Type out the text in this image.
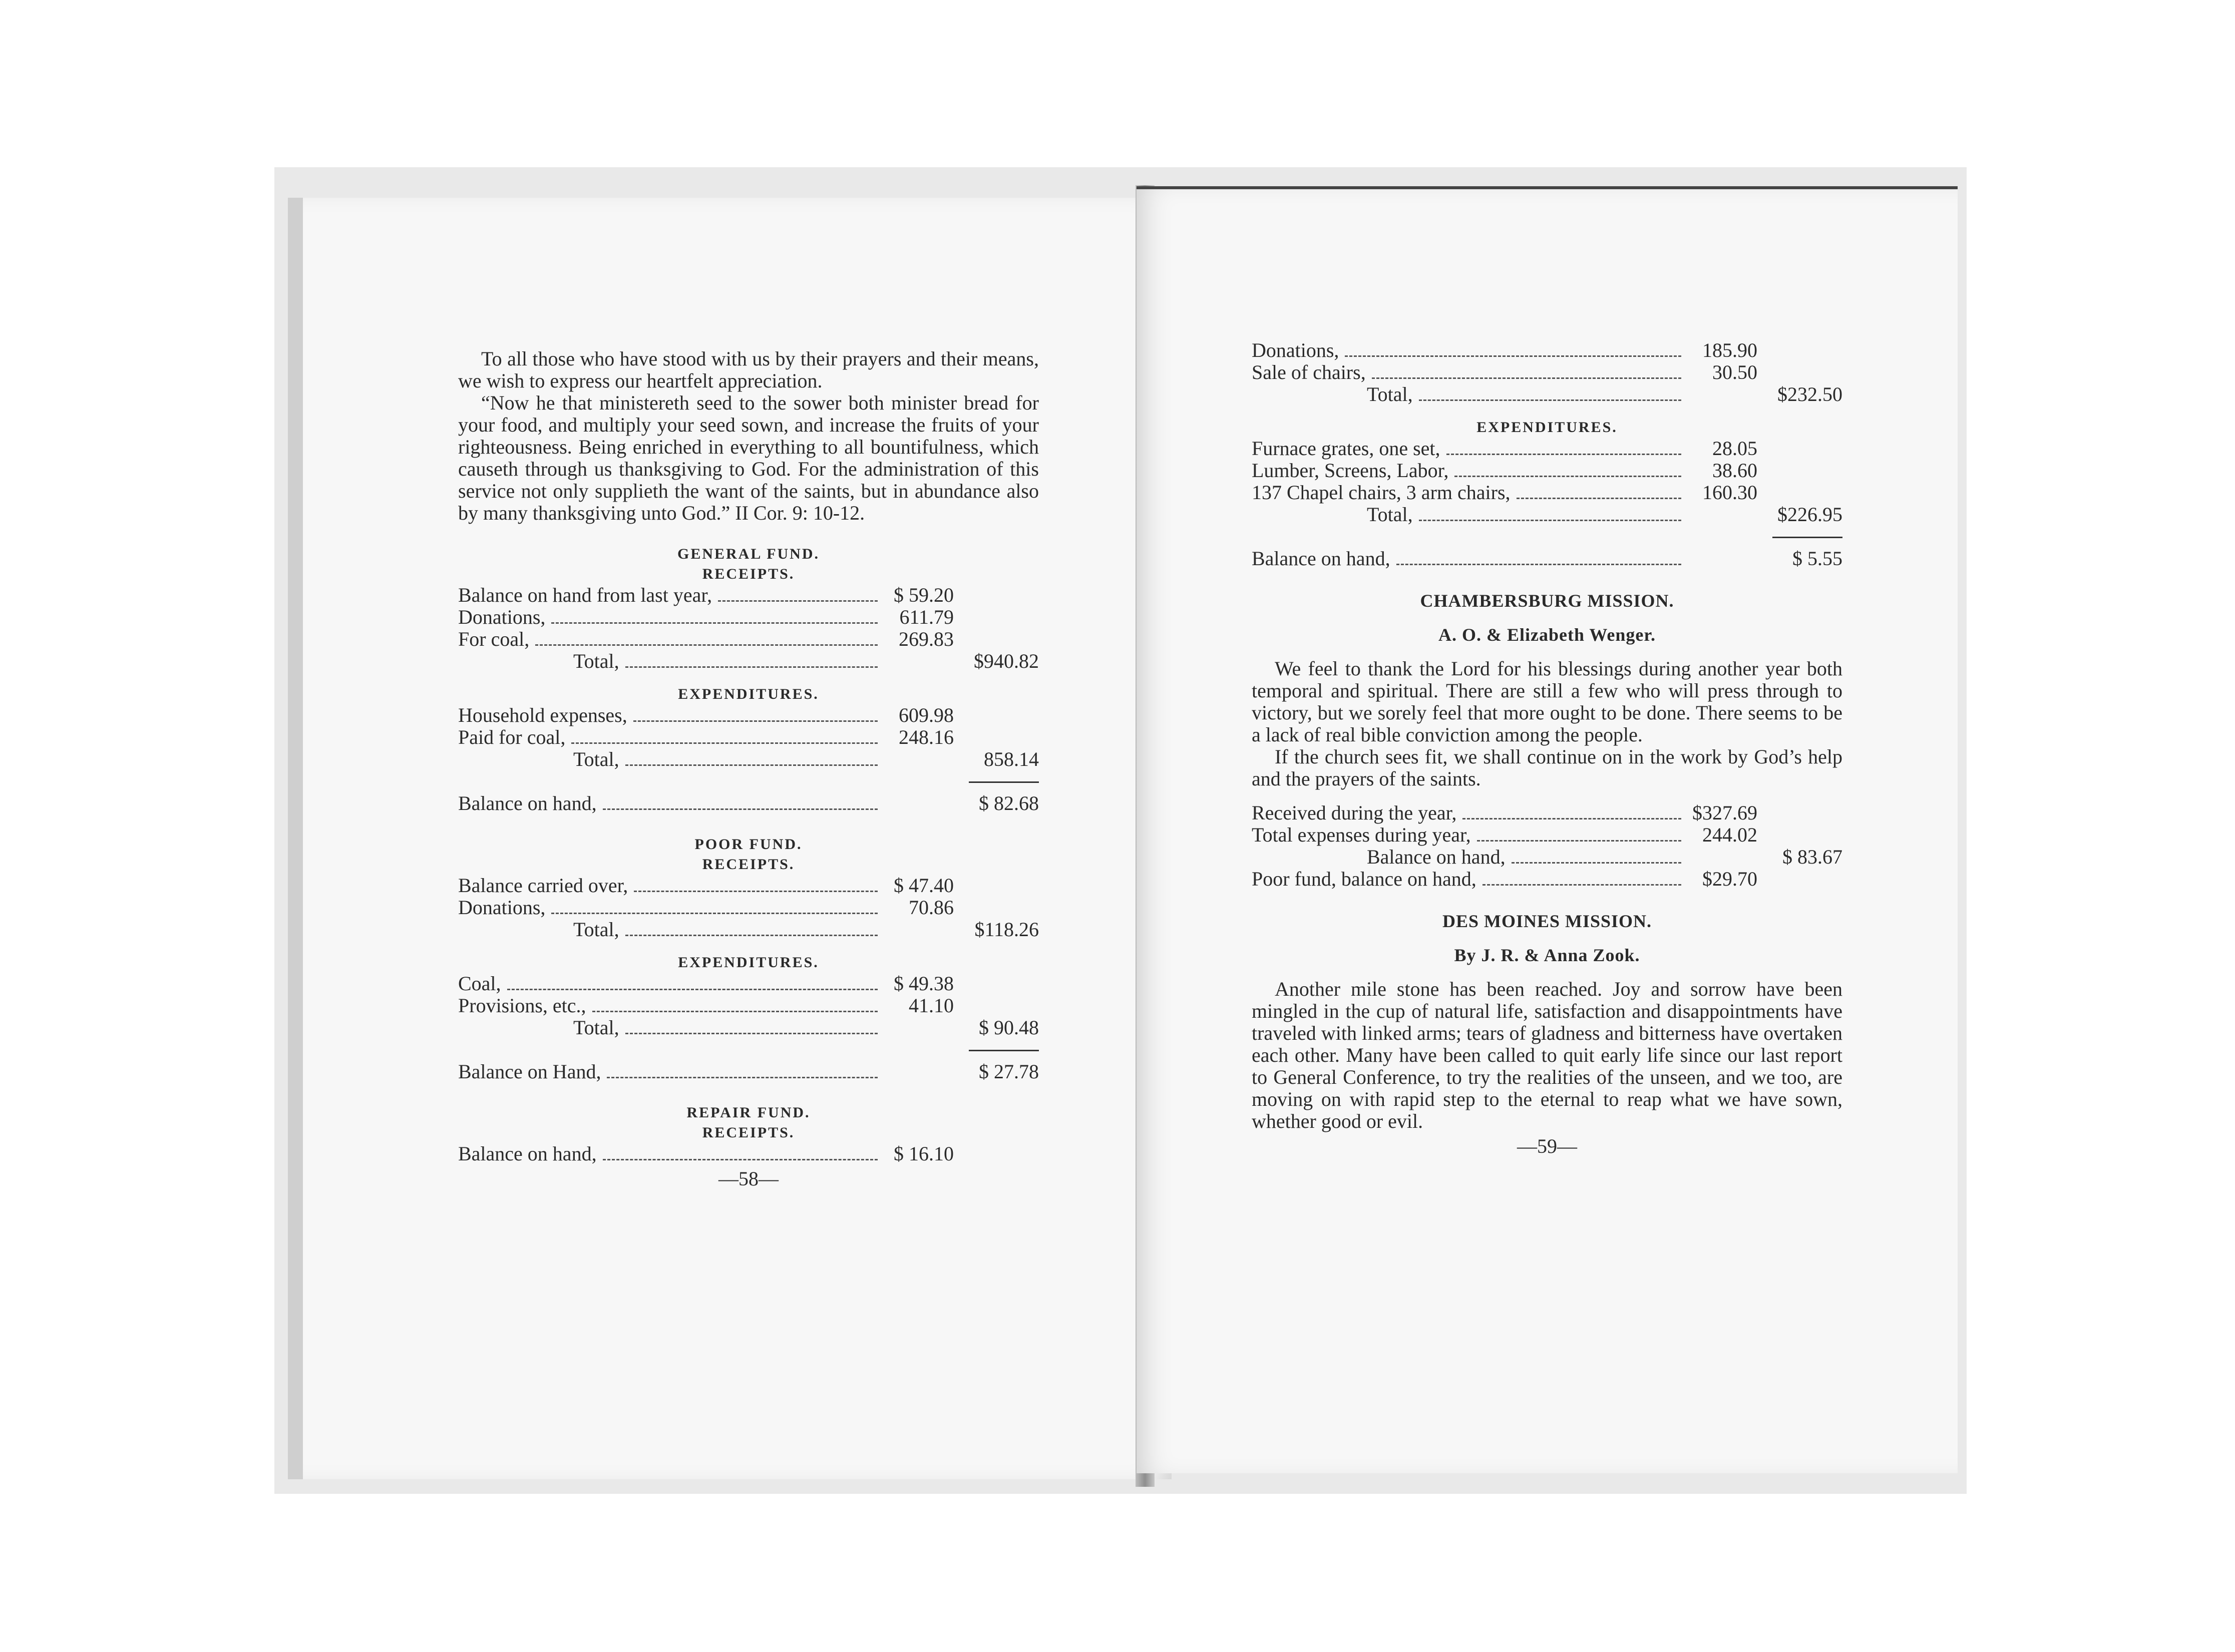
To all those who have stood with us by their prayers and their means, we wish to express our heartfelt appreciation.

“Now he that ministereth seed to the sower both minister bread for your food, and multiply your seed sown, and increase the fruits of your righteousness. Being enriched in everything to all bountifulness, which causeth through us thanksgiving to God. For the administration of this service not only supplieth the want of the saints, but in abundance also by many thanksgiving unto God.” II Cor. 9: 10-12.

GENERAL FUND.
RECEIPTS.
Balance on hand from last year,	$ 59.20
Donations,	611.79
For coal,	269.83
Total,	$940.82
EXPENDITURES.
Household expenses,	609.98
Paid for coal,	248.16
Total,	858.14
Balance on hand,	$ 82.68
POOR FUND.
RECEIPTS.
Balance carried over,	$ 47.40
Donations,	70.86
Total,	$118.26
EXPENDITURES.
Coal,	$ 49.38
Provisions, etc.,	41.10
Total,	$ 90.48
Balance on Hand,	$ 27.78
REPAIR FUND.
RECEIPTS.
Balance on hand,	$ 16.10
—58—
Donations,	185.90
Sale of chairs,	30.50
Total,	$232.50
EXPENDITURES.
Furnace grates, one set,	28.05
Lumber, Screens, Labor,	38.60
137 Chapel chairs, 3 arm chairs,	160.30
Total,	$226.95
Balance on hand,	$ 5.55
CHAMBERSBURG MISSION.
A. O. & Elizabeth Wenger.

We feel to thank the Lord for his blessings during another year both temporal and spiritual. There are still a few who will press through to victory, but we sorely feel that more ought to be done. There seems to be a lack of real bible conviction among the people.

If the church sees fit, we shall continue on in the work by God’s help and the prayers of the saints.

Received during the year,	$327.69
Total expenses during year,	244.02
Balance on hand,	$ 83.67
Poor fund, balance on hand,	$29.70
DES MOINES MISSION.
By J. R. & Anna Zook.

Another mile stone has been reached. Joy and sorrow have been mingled in the cup of natural life, satisfaction and disappointments have traveled with linked arms; tears of gladness and bitterness have overtaken each other. Many have been called to quit early life since our last report to General Conference, to try the realities of the unseen, and we too, are moving on with rapid step to the eternal to reap what we have sown, whether good or evil.

—59—
